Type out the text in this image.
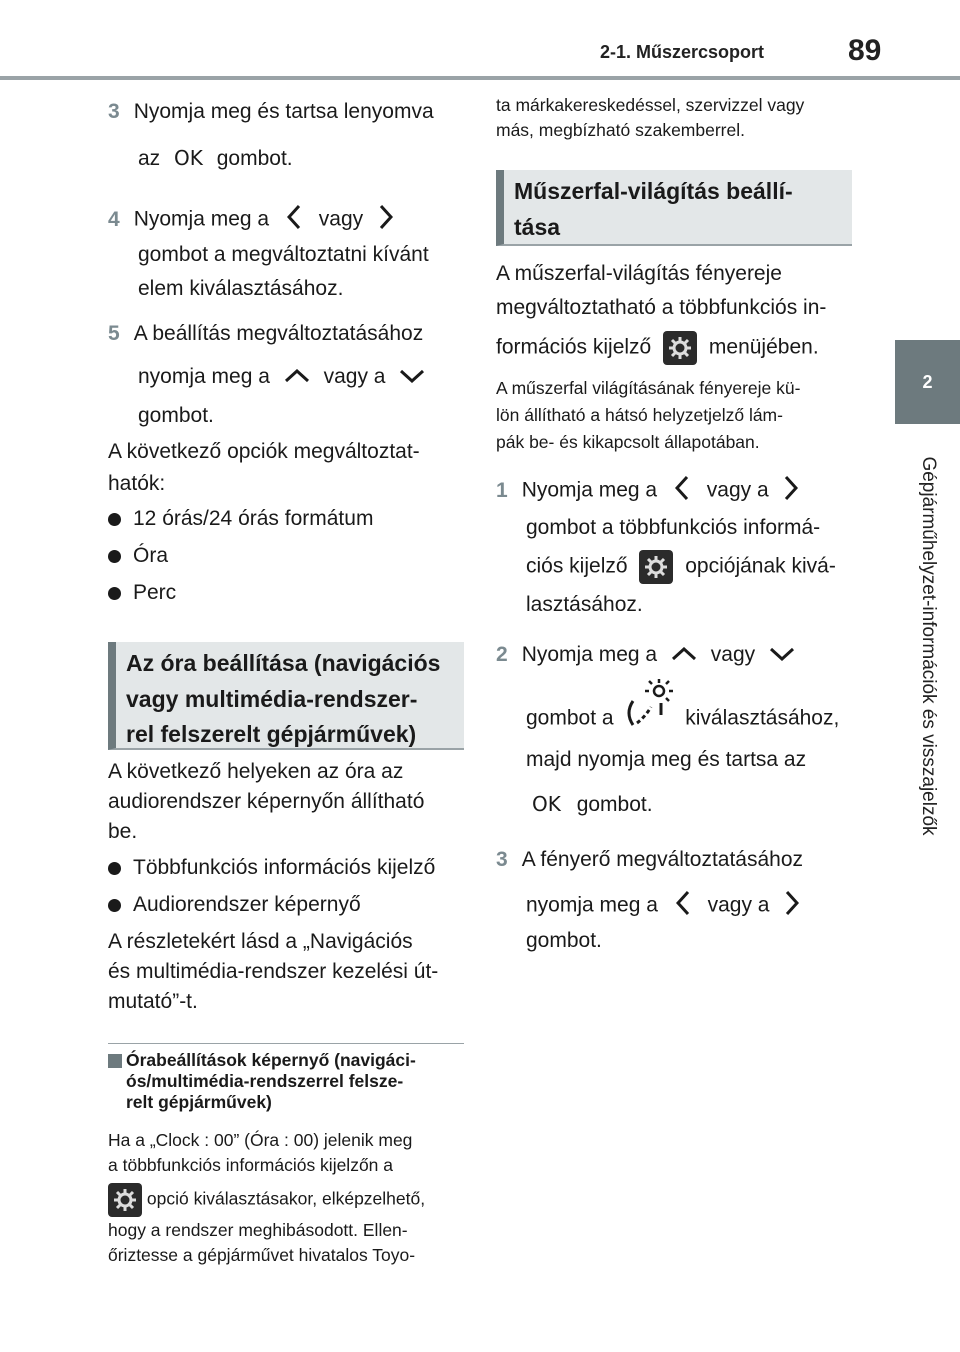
2-1. Műszercsoport	89
2
Gépjárműhelyzet-információk és visszajelzők
3 Nyomja meg és tartsa lenyomva
az OK gombot.
4 Nyomja meg a vagy
gombot a megváltoztatni kívánt
elem kiválasztásához.
5 A beállítás megváltoztatásához
nyomja meg a	vagy a
gombot.
A következő opciók megváltoztat-
hatók:
12 órás/24 órás formátum
Óra
Perc
Az óra beállítása (navigációs
vagy multimédia-rendszer-
rel felszerelt gépjárművek)
A következő helyeken az óra az
audiorendszer képernyőn állítható
be.
Többfunkciós információs kijelző
Audiorendszer képernyő
A részletekért lásd a „Navigációs
és multimédia-rendszer kezelési út-
mutató”-t.
Órabeállítások képernyő (navigáci-
ós/multimédia-rendszerrel felsze-
relt gépjárművek)
Ha a „Clock : 00” (Óra : 00) jelenik meg
a többfunkciós információs kijelzőn a
opció kiválasztásakor, elképzelhető,
hogy a rendszer meghibásodott. Ellen-
őriztesse a gépjárművet hivatalos Toyo-
ta márkakereskedéssel, szervizzel vagy
más, megbízható szakemberrel.
Műszerfal-világítás beállí-
tása
A műszerfal-világítás fényereje
megváltoztatható a többfunkciós in-
formációs kijelző	menüjében.
A műszerfal világításának fényereje kü-
lön állítható a hátsó helyzetjelző lám-
pák be- és kikapcsolt állapotában.
1 Nyomja meg a vagy a
gombot a többfunkciós informá-
ciós kijelző	opciójának kivá-
lasztásához.
2 Nyomja meg a	vagy
gombot a	kiválasztásához,
majd nyomja meg és tartsa az
OK gombot.
3 A fényerő megváltoztatásához
nyomja meg a vagy a
gombot.
